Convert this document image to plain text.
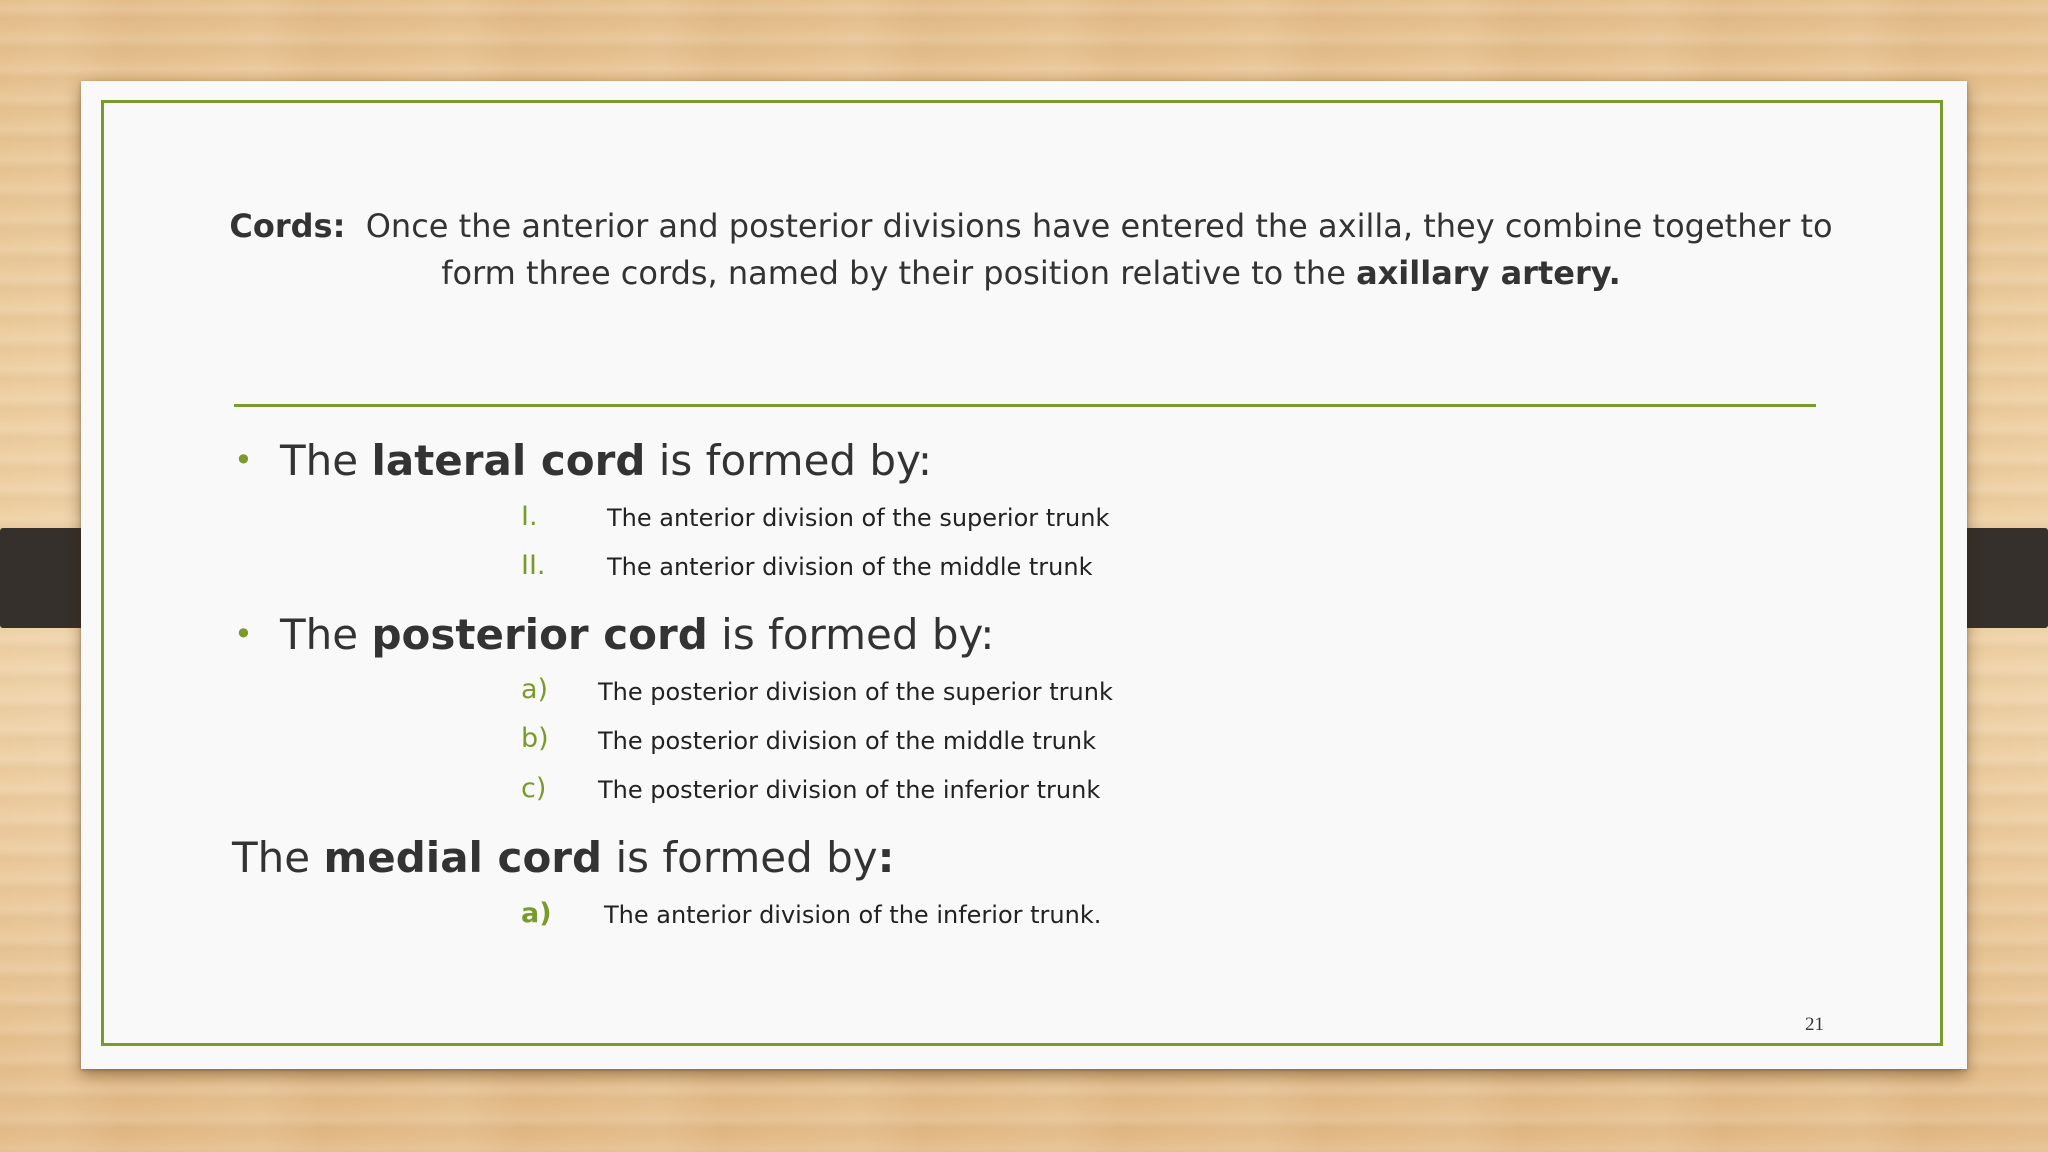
Cords: Once the anterior and posterior divisions have entered the axilla, they combine together to form three cords, named by their position relative to the axillary artery.
• The lateral cord is formed by:
I.	The anterior division of the superior trunk
II.	The anterior division of the middle trunk
• The posterior cord is formed by:
a) The posterior division of the superior trunk
b) The posterior division of the middle trunk
c) The posterior division of the inferior trunk
The medial cord is formed by:
a) The anterior division of the inferior trunk.
21
